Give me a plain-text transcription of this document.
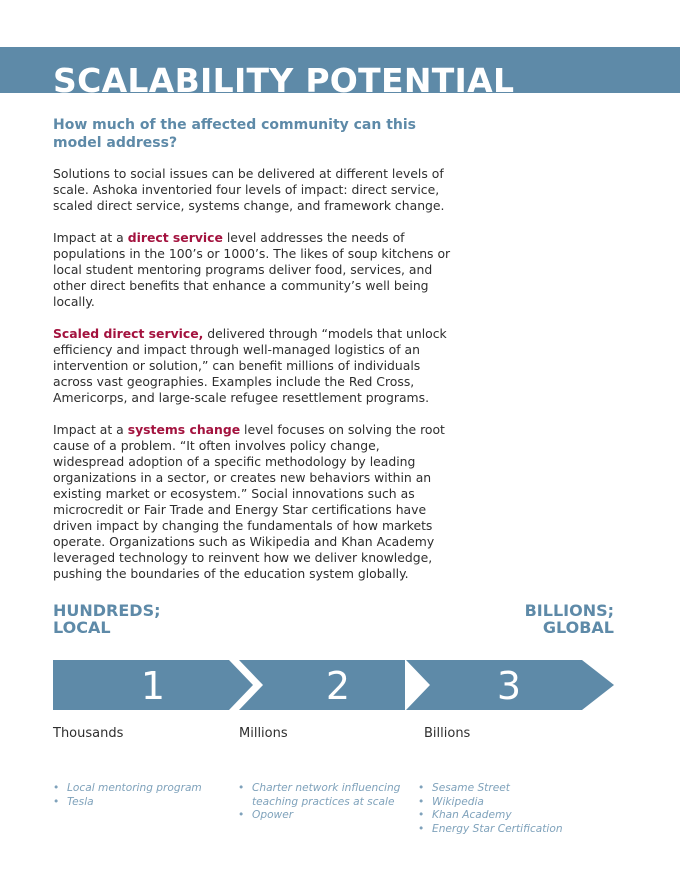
SCALABILITY POTENTIAL

How much of the affected community can this model address?

Solutions to social issues can be delivered at different levels of scale. Ashoka inventoried four levels of impact: direct service, scaled direct service, systems change, and framework change.

Impact at a direct service level addresses the needs of populations in the 100’s or 1000’s. The likes of soup kitchens or local student mentoring programs deliver food, services, and other direct benefits that enhance a community’s well being locally.

Scaled direct service, delivered through “models that unlock efficiency and impact through well-managed logistics of an intervention or solution,” can benefit millions of individuals across vast geographies. Examples include the Red Cross, Americorps, and large-scale refugee resettlement programs.

Impact at a systems change level focuses on solving the root cause of a problem. “It often involves policy change, widespread adoption of a specific methodology by leading organizations in a sector, or creates new behaviors within an existing market or ecosystem.” Social innovations such as microcredit or Fair Trade and Energy Star certifications have driven impact by changing the fundamentals of how markets operate. Organizations such as Wikipedia and Khan Academy leveraged technology to reinvent how we deliver knowledge, pushing the boundaries of the education system globally.

HUNDREDS;
LOCAL
BILLIONS;
GLOBAL
1	2	3
Thousands	Millions	Billions
• Local mentoring program
• Tesla
• Charter network influencing teaching practices at scale
• Opower
• Sesame Street
• Wikipedia
• Khan Academy
• Energy Star Certification
